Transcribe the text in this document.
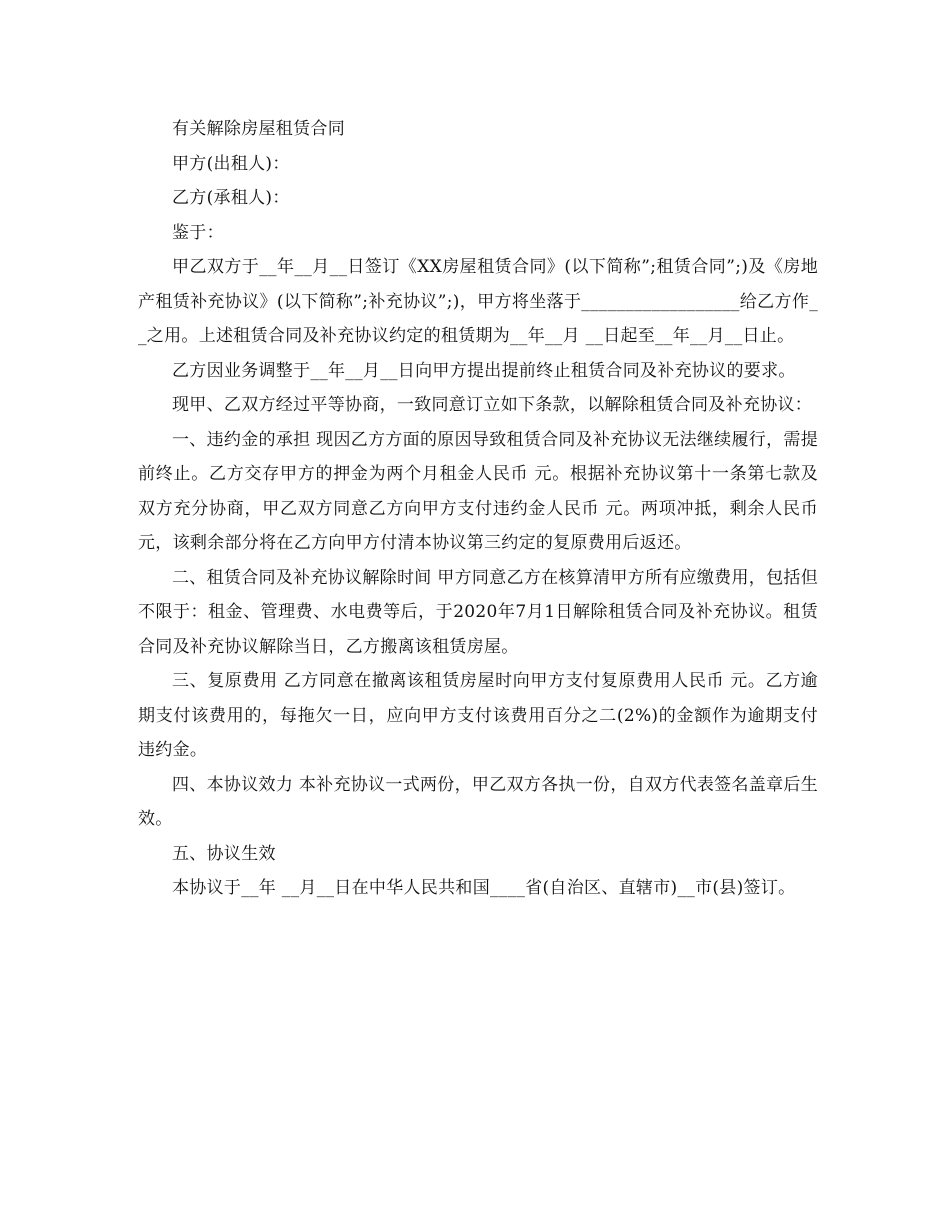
有关解除房屋租赁合同

甲方(出租人)：

乙方(承租人)：

鉴于：

甲乙双方于__年__月__日签订《XX房屋租赁合同》(以下简称”;租赁合同”;)及《房地产租赁补充协议》(以下简称”;补充协议”;)，甲方将坐落于__________________给乙方作__之用。上述租赁合同及补充协议约定的租赁期为__年__月 __日起至__年__月__日止。

乙方因业务调整于__年__月__日向甲方提出提前终止租赁合同及补充协议的要求。

现甲、乙双方经过平等协商，一致同意订立如下条款，以解除租赁合同及补充协议：

一、违约金的承担 现因乙方方面的原因导致租赁合同及补充协议无法继续履行，需提前终止。乙方交存甲方的押金为两个月租金人民币 元。根据补充协议第十一条第七款及双方充分协商，甲乙双方同意乙方向甲方支付违约金人民币 元。两项冲抵，剩余人民币 元，该剩余部分将在乙方向甲方付清本协议第三约定的复原费用后返还。

二、租赁合同及补充协议解除时间 甲方同意乙方在核算清甲方所有应缴费用，包括但不限于：租金、管理费、水电费等后，于2020年7月1日解除租赁合同及补充协议。租赁合同及补充协议解除当日，乙方搬离该租赁房屋。

三、复原费用 乙方同意在撤离该租赁房屋时向甲方支付复原费用人民币 元。乙方逾期支付该费用的，每拖欠一日，应向甲方支付该费用百分之二(2%)的金额作为逾期支付违约金。

四、本协议效力 本补充协议一式两份，甲乙双方各执一份，自双方代表签名盖章后生效。

五、协议生效

本协议于__年 __月__日在中华人民共和国____省(自治区、直辖市)__市(县)签订。
